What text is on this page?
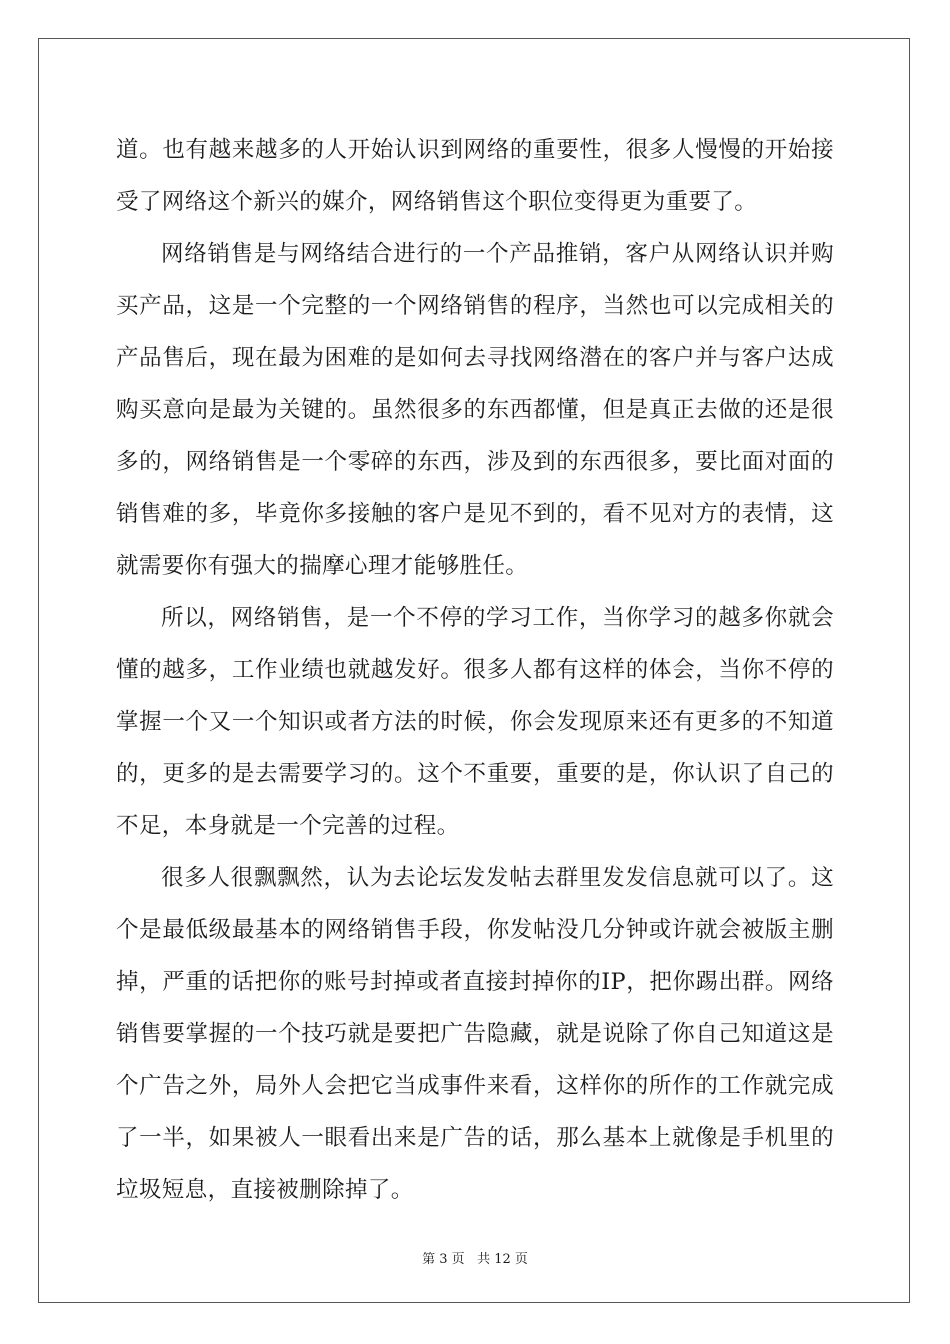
道。也有越来越多的人开始认识到网络的重要性，很多人慢慢的开始接受了网络这个新兴的媒介，网络销售这个职位变得更为重要了。

网络销售是与网络结合进行的一个产品推销，客户从网络认识并购买产品，这是一个完整的一个网络销售的程序，当然也可以完成相关的产品售后，现在最为困难的是如何去寻找网络潜在的客户并与客户达成购买意向是最为关键的。虽然很多的东西都懂，但是真正去做的还是很多的，网络销售是一个零碎的东西，涉及到的东西很多，要比面对面的销售难的多，毕竟你多接触的客户是见不到的，看不见对方的表情，这就需要你有强大的揣摩心理才能够胜任。

所以，网络销售，是一个不停的学习工作，当你学习的越多你就会懂的越多，工作业绩也就越发好。很多人都有这样的体会，当你不停的掌握一个又一个知识或者方法的时候，你会发现原来还有更多的不知道的，更多的是去需要学习的。这个不重要，重要的是，你认识了自己的不足，本身就是一个完善的过程。

很多人很飘飘然，认为去论坛发发帖去群里发发信息就可以了。这个是最低级最基本的网络销售手段，你发帖没几分钟或许就会被版主删掉，严重的话把你的账号封掉或者直接封掉你的IP，把你踢出群。网络销售要掌握的一个技巧就是要把广告隐藏，就是说除了你自己知道这是个广告之外，局外人会把它当成事件来看，这样你的所作的工作就完成了一半，如果被人一眼看出来是广告的话，那么基本上就像是手机里的垃圾短息，直接被删除掉了。

第 3 页 共 12 页
